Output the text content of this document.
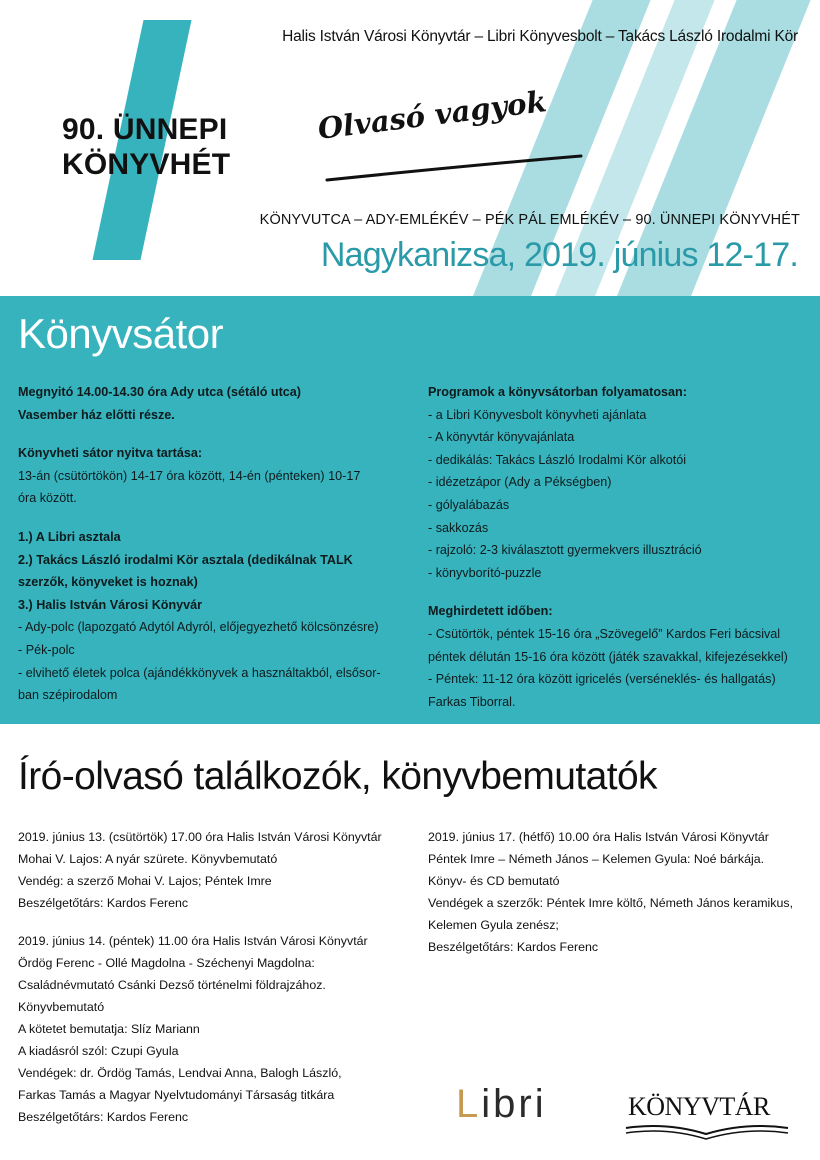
Halis István Városi Könyvtár – Libri Könyvesbolt – Takács László Irodalmi Kör
90. ÜNNEPI
KÖNYVHÉT
Olvasó vagyok
KÖNYVUTCA – ADY-EMLÉKÉV – PÉK PÁL EMLÉKÉV – 90. ÜNNEPI KÖNYVHÉT
Nagykanizsa, 2019. június 12-17.
Könyvsátor
Megnyitó 14.00-14.30 óra Ady utca (sétáló utca)
Vasember ház előtti része.
Könyvheti sátor nyitva tartása:
13-án (csütörtökön) 14-17 óra között, 14-én (pénteken) 10-17
óra között.
1.) A Libri asztala
2.) Takács László irodalmi Kör asztala (dedikálnak TALK
szerzők, könyveket is hoznak)
3.) Halis István Városi Könyvár
- Ady-polc (lapozgató Adytól Adyról, előjegyezhető kölcsönzésre)
- Pék-polc
- elvihető életek polca (ajándékkönyvek a használtakból, elsősor-
ban szépirodalom
Programok a könyvsátorban folyamatosan:
- a Libri Könyvesbolt könyvheti ajánlata
- A könyvtár könyvajánlata
- dedikálás: Takács László Irodalmi Kör alkotói
- idézetzápor (Ady a Pékségben)
- gólyalábazás
- sakkozás
- rajzoló: 2-3 kiválasztott gyermekvers illusztráció
- könyvborító-puzzle
Meghirdetett időben:
- Csütörtök, péntek 15-16 óra „Szövegelő” Kardos Feri bácsival
péntek délután 15-16 óra között (játék szavakkal, kifejezésekkel)
- Péntek: 11-12 óra között igricelés (verséneklés- és hallgatás)
Farkas Tiborral.
Író-olvasó találkozók, könyvbemutatók
2019. június 13. (csütörtök) 17.00 óra Halis István Városi Könyvtár
Mohai V. Lajos: A nyár szürete. Könyvbemutató
Vendég: a szerző Mohai V. Lajos; Péntek Imre
Beszélgetőtárs: Kardos Ferenc
2019. június 14. (péntek) 11.00 óra Halis István Városi Könyvtár
Ördög Ferenc - Ollé Magdolna - Széchenyi Magdolna:
Családnévmutató Csánki Dezső történelmi földrajzához.
Könyvbemutató
A kötetet bemutatja: Slíz Mariann
A kiadásról szól: Czupi Gyula
Vendégek: dr. Ördög Tamás, Lendvai Anna, Balogh László,
Farkas Tamás a Magyar Nyelvtudományi Társaság titkára
Beszélgetőtárs: Kardos Ferenc
2019. június 17. (hétfő) 10.00 óra Halis István Városi Könyvtár
Péntek Imre – Németh János – Kelemen Gyula: Noé bárkája.
Könyv- és CD bemutató
Vendégek a szerzők: Péntek Imre költő, Németh János keramikus,
Kelemen Gyula zenész;
Beszélgetőtárs: Kardos Ferenc
Libri	KÖNYVTÁR
